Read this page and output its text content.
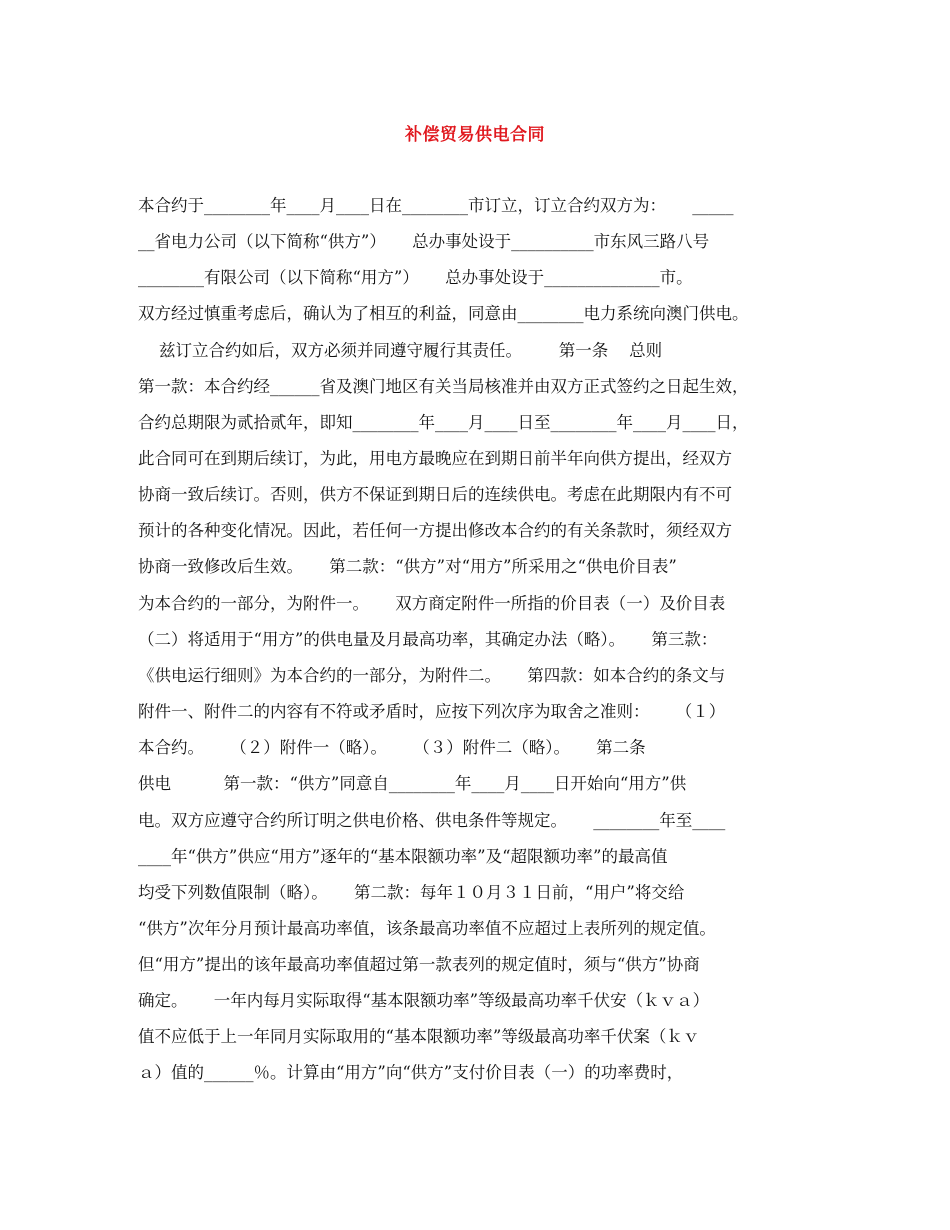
补偿贸易供电合同
本合约于________年____月____日在________市订立，订立合约双方为：     _____
__省电力公司（以下简称“供方”）     总办事处设于__________市东风三路八号
________有限公司（以下简称“用方”）     总办事处设于______________市。
双方经过慎重考虑后，确认为了相互的利益，同意由________电力系统向澳门供电。
兹订立合约如后，双方必须并同遵守履行其责任。       第一条    总则
第一款：本合约经______省及澳门地区有关当局核准并由双方正式签约之日起生效，
合约总期限为贰拾贰年，即知________年____月____日至________年____月____日，
此合同可在到期后续订，为此，用电方最晚应在到期日前半年向供方提出，经双方
协商一致后续订。否则，供方不保证到期日后的连续供电。考虑在此期限内有不可
预计的各种变化情况。因此，若任何一方提出修改本合约的有关条款时，须经双方
协商一致修改后生效。     第二款：“供方”对“用方”所采用之“供电价目表”
为本合约的一部分，为附件一。     双方商定附件一所指的价目表（一）及价目表
（二）将适用于“用方”的供电量及月最高功率，其确定办法（略）。     第三款：
《供电运行细则》为本合约的一部分，为附件二。     第四款：如本合约的条文与
附件一、附件二的内容有不符或矛盾时，应按下列次序为取舍之准则：     （１）
本合约。     （２）附件一（略）。     （３）附件二（略）。     第二条
供电          第一款：“供方”同意自________年____月____日开始向“用方”供
电。双方应遵守合约所订明之供电价格、供电条件等规定。     ________年至____
____年“供方”供应“用方”逐年的“基本限额功率”及“超限额功率”的最高值
均受下列数值限制（略）。     第二款：每年１０月３１日前，“用户”将交给
“供方”次年分月预计最高功率值，该条最高功率值不应超过上表所列的规定值。
但“用方”提出的该年最高功率值超过第一款表列的规定值时，须与“供方”协商
确定。     一年内每月实际取得“基本限额功率”等级最高功率千伏安（ｋｖａ）
值不应低于上一年同月实际取用的“基本限额功率”等级最高功率千伏案（ｋｖ
ａ）值的______％。计算由“用方”向“供方”支付价目表（一）的功率费时，
